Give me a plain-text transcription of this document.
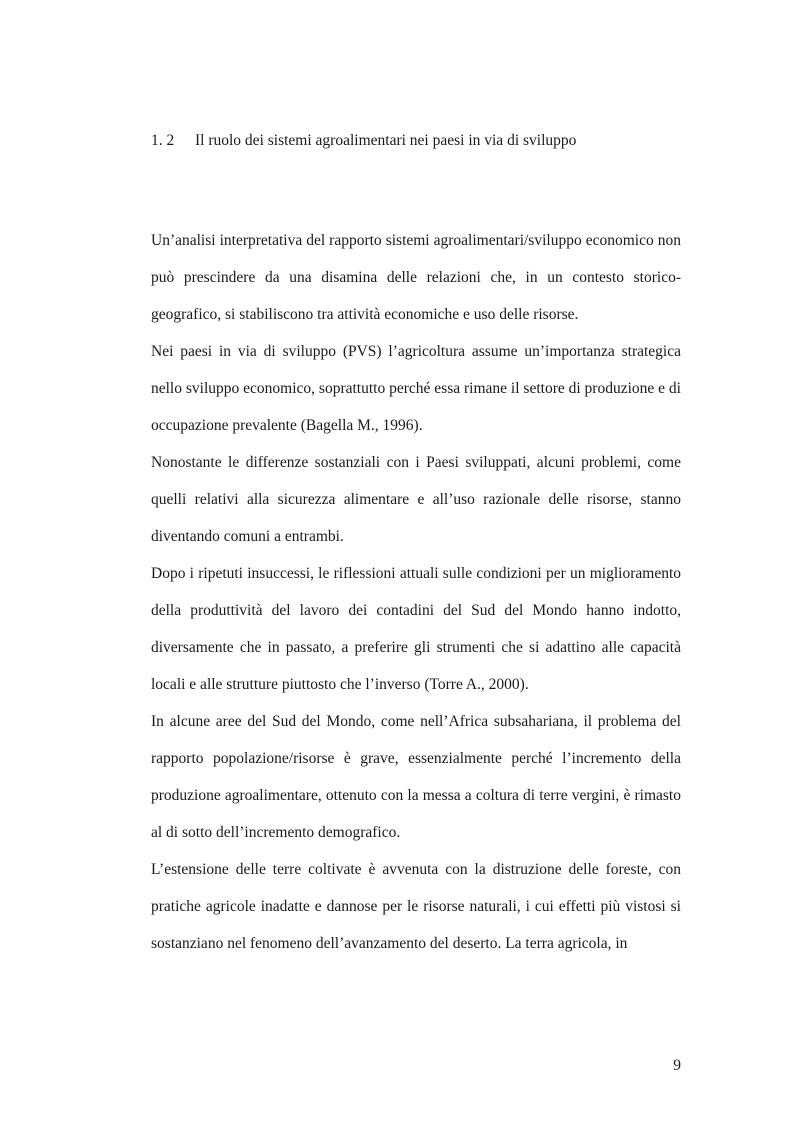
1. 2 Il ruolo dei sistemi agroalimentari nei paesi in via di sviluppo

Un’analisi interpretativa del rapporto sistemi agroalimentari/sviluppo economico non può prescindere da una disamina delle relazioni che, in un contesto storico-geografico, si stabiliscono tra attività economiche e uso delle risorse.

Nei paesi in via di sviluppo (PVS) l’agricoltura assume un’importanza strategica nello sviluppo economico, soprattutto perché essa rimane il settore di produzione e di occupazione prevalente (Bagella M., 1996).

Nonostante le differenze sostanziali con i Paesi sviluppati, alcuni problemi, come quelli relativi alla sicurezza alimentare e all’uso razionale delle risorse, stanno diventando comuni a entrambi.

Dopo i ripetuti insuccessi, le riflessioni attuali sulle condizioni per un miglioramento della produttività del lavoro dei contadini del Sud del Mondo hanno indotto, diversamente che in passato, a preferire gli strumenti che si adattino alle capacità locali e alle strutture piuttosto che l’inverso (Torre A., 2000).

In alcune aree del Sud del Mondo, come nell’Africa subsahariana, il problema del rapporto popolazione/risorse è grave, essenzialmente perché l’incremento della produzione agroalimentare, ottenuto con la messa a coltura di terre vergini, è rimasto al di sotto dell’incremento demografico.

L’estensione delle terre coltivate è avvenuta con la distruzione delle foreste, con pratiche agricole inadatte e dannose per le risorse naturali, i cui effetti più vistosi si sostanziano nel fenomeno dell’avanzamento del deserto. La terra agricola, in

9
